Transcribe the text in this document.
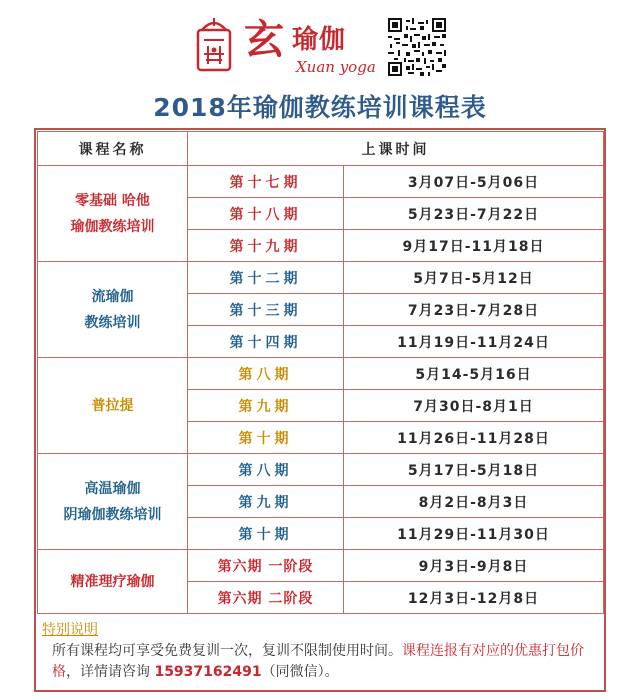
玄 瑜伽
Xuan yoga
2018年瑜伽教练培训课程表
课程名称	上课时间	

零基础 哈他
瑜伽教练培训	第十七期	3月07日-5月06日
	第十八期	5月23日-7月22日
	第十九期	9月17日-11月18日

流瑜伽
教练培训	第十二期	5月7日-5月12日
	第十三期	7月23日-7月28日
	第十四期	11月19日-11月24日

普拉提	第八期	5月14-5月16日
	第九期	7月30日-8月1日
	第十期	11月26日-11月28日

高温瑜伽
阴瑜伽教练培训	第八期	5月17日-5月18日
	第九期	8月2日-8月3日
	第十期	11月29日-11月30日

精准理疗瑜伽	第六期 一阶段	9月3日-9月8日
	第六期 二阶段	12月3日-12月8日
特别说明
所有课程均可享受免费复训一次，复训不限制使用时间。课程连报有对应的优惠打包价格，详情请咨询 15937162491（同微信）。
